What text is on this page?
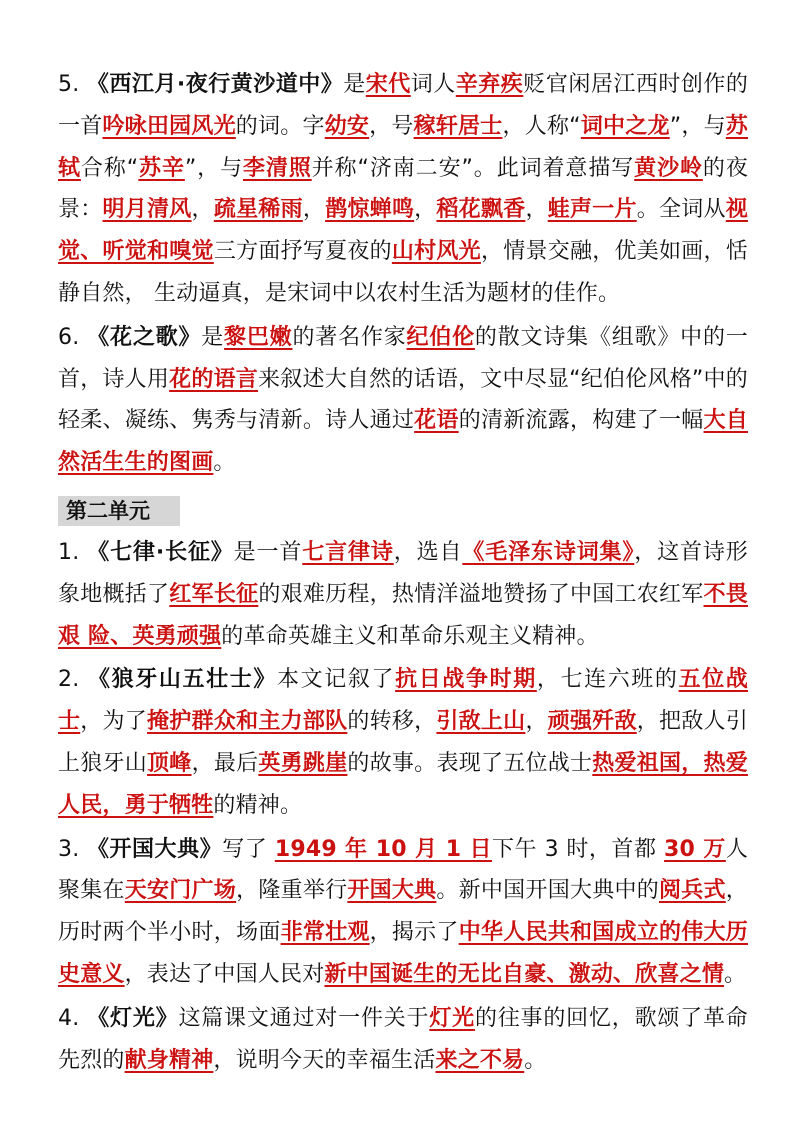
5. 《西江月·夜行黄沙道中》是宋代词人辛弃疾贬官闲居江西时创作的一首吟咏田园风光的词。字幼安，号稼轩居士，人称“词中之龙”，与苏轼合称“苏辛”，与李清照并称“济南二安”。此词着意描写黄沙岭的夜景：明月清风，疏星稀雨，鹊惊蝉鸣，稻花飘香，蛙声一片。全词从视觉、听觉和嗅觉三方面抒写夏夜的山村风光，情景交融，优美如画，恬静自然， 生动逼真，是宋词中以农村生活为题材的佳作。

6. 《花之歌》是黎巴嫩的著名作家纪伯伦的散文诗集《组歌》中的一首，诗人用花的语言来叙述大自然的话语，文中尽显“纪伯伦风格”中的轻柔、凝练、隽秀与清新。诗人通过花语的清新流露，构建了一幅大自然活生生的图画。

第二单元

1. 《七律·长征》是一首七言律诗，选自《毛泽东诗词集》，这首诗形象地概括了红军长征的艰难历程，热情洋溢地赞扬了中国工农红军不畏艰 险、英勇顽强的革命英雄主义和革命乐观主义精神。

2. 《狼牙山五壮士》本文记叙了抗日战争时期，七连六班的五位战士，为了掩护群众和主力部队的转移，引敌上山，顽强歼敌，把敌人引上狼牙山顶峰，最后英勇跳崖的故事。表现了五位战士热爱祖国，热爱人民，勇于牺牲的精神。

3. 《开国大典》写了 1949 年 10 月 1 日下午 3 时，首都 30 万人聚集在天安门广场，隆重举行开国大典。新中国开国大典中的阅兵式，历时两个半小时，场面非常壮观，揭示了中华人民共和国成立的伟大历史意义，表达了中国人民对新中国诞生的无比自豪、激动、欣喜之情。

4. 《灯光》这篇课文通过对一件关于灯光的往事的回忆，歌颂了革命先烈的献身精神，说明今天的幸福生活来之不易。
